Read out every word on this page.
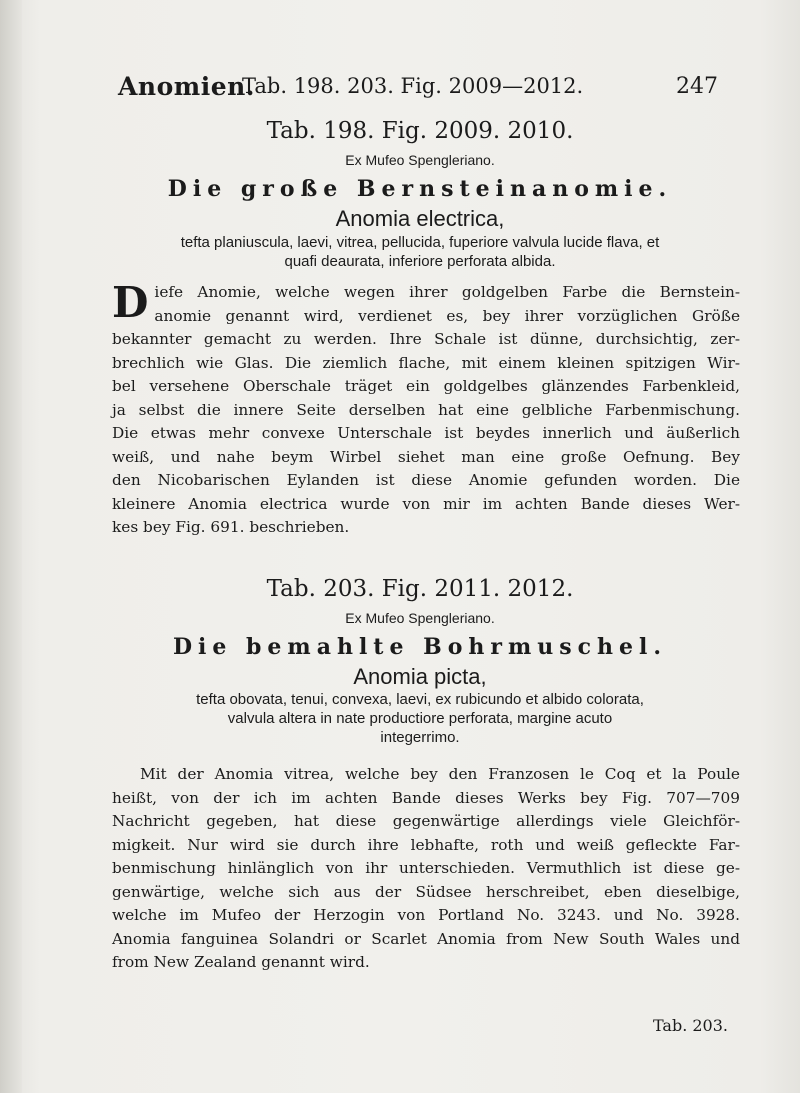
Anomien.
Tab. 198. 203. Fig. 2009—2012.	247
Tab. 198. Fig. 2009. 2010.
Ex Mufeo Spengleriano.
Die große Bernsteinanomie.
Anomia electrica,
tefta planiuscula, laevi, vitrea, pellucida, fuperiore valvula lucide flava, et
quafi deaurata, inferiore perforata albida.
D iefe Anomie, welche wegen ihrer goldgelben Farbe die Bernstein-
anomie genannt wird, verdienet es, bey ihrer vorzüglichen Größe
bekannter gemacht zu werden. Ihre Schale ist dünne, durchsichtig, zer-
brechlich wie Glas. Die ziemlich flache, mit einem kleinen spitzigen Wir-
bel versehene Oberschale träget ein goldgelbes glänzendes Farbenkleid,
ja selbst die innere Seite derselben hat eine gelbliche Farbenmischung.
Die etwas mehr convexe Unterschale ist beydes innerlich und äußerlich
weiß, und nahe beym Wirbel siehet man eine große Oefnung. Bey
den Nicobarischen Eylanden ist diese Anomie gefunden worden. Die
kleinere Anomia electrica wurde von mir im achten Bande dieses Wer-
kes bey Fig. 691. beschrieben.
Tab. 203. Fig. 2011. 2012.
Ex Mufeo Spengleriano.
Die bemahlte Bohrmuschel.
Anomia picta,
tefta obovata, tenui, convexa, laevi, ex rubicundo et albido colorata,
valvula altera in nate productiore perforata, margine acuto
integerrimo.
Mit der Anomia vitrea, welche bey den Franzosen le Coq et la Poule
heißt, von der ich im achten Bande dieses Werks bey Fig. 707—709
Nachricht gegeben, hat diese gegenwärtige allerdings viele Gleichför-
migkeit. Nur wird sie durch ihre lebhafte, roth und weiß gefleckte Far-
benmischung hinlänglich von ihr unterschieden. Vermuthlich ist diese ge-
genwärtige, welche sich aus der Südsee herschreibet, eben dieselbige,
welche im Mufeo der Herzogin von Portland No. 3243. und No. 3928.
Anomia fanguinea Solandri or Scarlet Anomia from New South Wales und
from New Zealand genannt wird.
Tab. 203.
